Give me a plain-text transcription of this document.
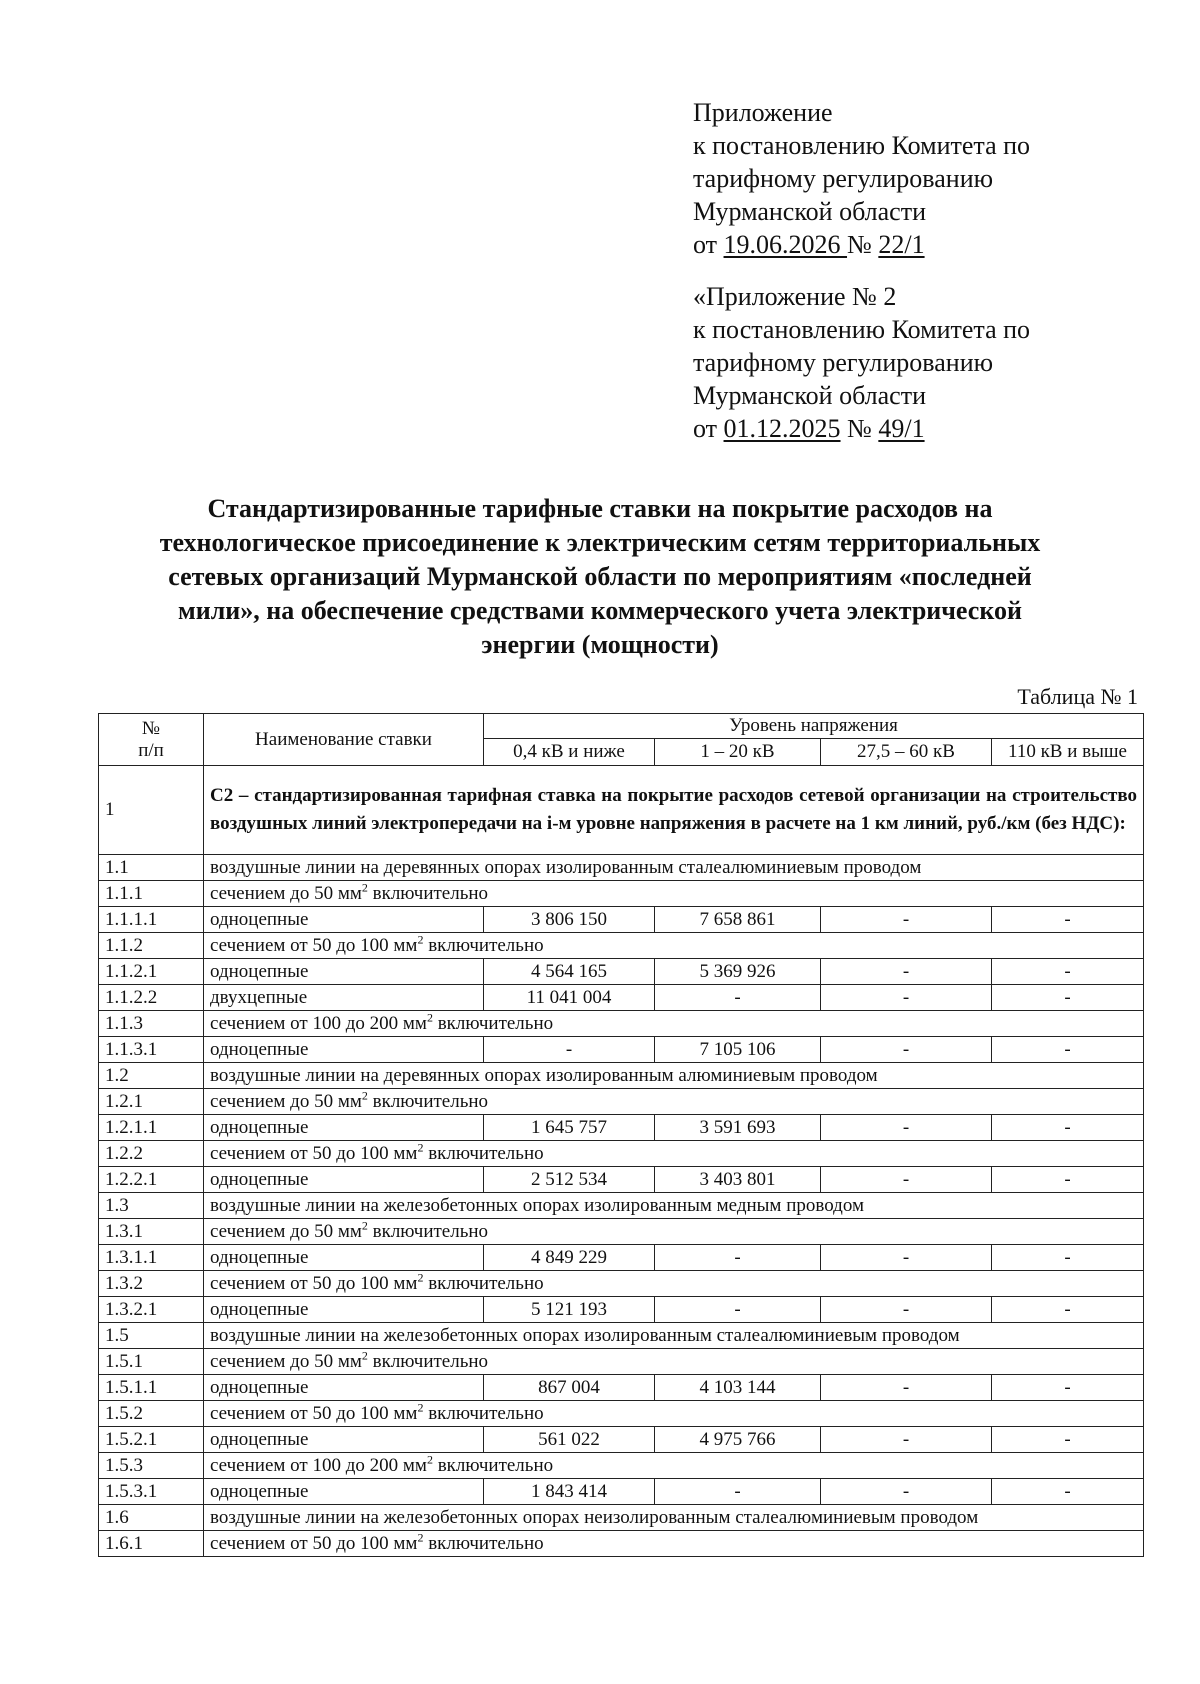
Приложение
к постановлению Комитета по
тарифному регулированию
Мурманской области
от 19.06.2026 № 22/1
«Приложение № 2
к постановлению Комитета по
тарифному регулированию
Мурманской области
от 01.12.2025 № 49/1
Стандартизированные тарифные ставки на покрытие расходов на
технологическое присоединение к электрическим сетям территориальных
сетевых организаций Мурманской области по мероприятиям «последней
мили», на обеспечение средствами коммерческого учета электрической
энергии (мощности)
Таблица № 1
№
п/п	Наименование ставки	Уровень напряжения			
		0,4 кВ и ниже	1 – 20 кВ	27,5 – 60 кВ	110 кВ и выше
1	С2 – стандартизированная тарифная ставка на покрытие расходов сетевой организации на строительство воздушных линий электропередачи на i-м уровне напряжения в расчете на 1 км линий, руб./км (без НДС):				
1.1	воздушные линии на деревянных опорах изолированным сталеалюминиевым проводом				
1.1.1	сечением до 50 $мм^2$ включительно				
1.1.1.1	одноцепные	3 806 150	7 658 861	-	-
1.1.2	сечением от 50 до 100 $мм^2$ включительно				
1.1.2.1	одноцепные	4 564 165	5 369 926	-	-
1.1.2.2	двухцепные	11 041 004	-	-	-
1.1.3	сечением от 100 до 200 $мм^2$ включительно				
1.1.3.1	одноцепные	-	7 105 106	-	-
1.2	воздушные линии на деревянных опорах изолированным алюминиевым проводом				
1.2.1	сечением до 50 $мм^2$ включительно				
1.2.1.1	одноцепные	1 645 757	3 591 693	-	-
1.2.2	сечением от 50 до 100 $мм^2$ включительно				
1.2.2.1	одноцепные	2 512 534	3 403 801	-	-
1.3	воздушные линии на железобетонных опорах изолированным медным проводом				
1.3.1	сечением до 50 $мм^2$ включительно				
1.3.1.1	одноцепные	4 849 229	-	-	-
1.3.2	сечением от 50 до 100 $мм^2$ включительно				
1.3.2.1	одноцепные	5 121 193	-	-	-
1.5	воздушные линии на железобетонных опорах изолированным сталеалюминиевым проводом				
1.5.1	сечением до 50 $мм^2$ включительно				
1.5.1.1	одноцепные	867 004	4 103 144	-	-
1.5.2	сечением от 50 до 100 $мм^2$ включительно				
1.5.2.1	одноцепные	561 022	4 975 766	-	-
1.5.3	сечением от 100 до 200 $мм^2$ включительно				
1.5.3.1	одноцепные	1 843 414	-	-	-
1.6	воздушные линии на железобетонных опорах неизолированным сталеалюминиевым проводом				
1.6.1	сечением от 50 до 100 $мм^2$ включительно				
